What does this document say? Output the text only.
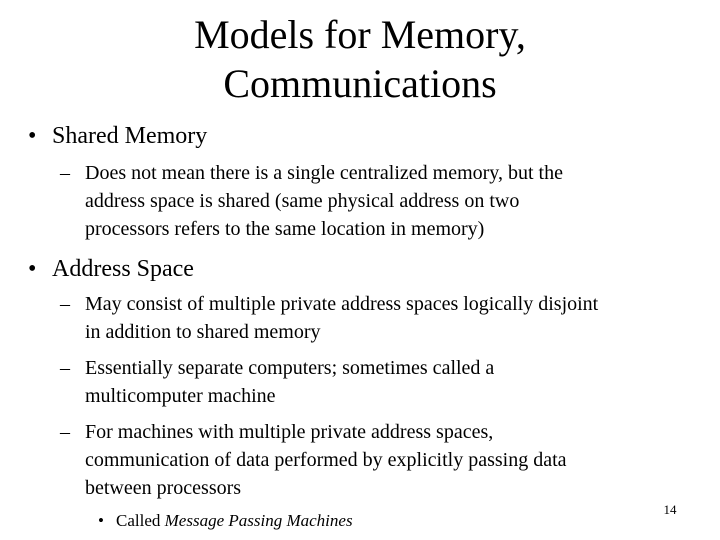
Models for Memory,
Communications
• Shared Memory
– Does not mean there is a single centralized memory, but the
address space is shared (same physical address on two
processors refers to the same location in memory)
• Address Space
– May consist of multiple private address spaces logically disjoint
in addition to shared memory
– Essentially separate computers; sometimes called a
multicomputer machine
– For machines with multiple private address spaces,
communication of data performed by explicitly passing data
between processors
• Called Message Passing Machines
14
